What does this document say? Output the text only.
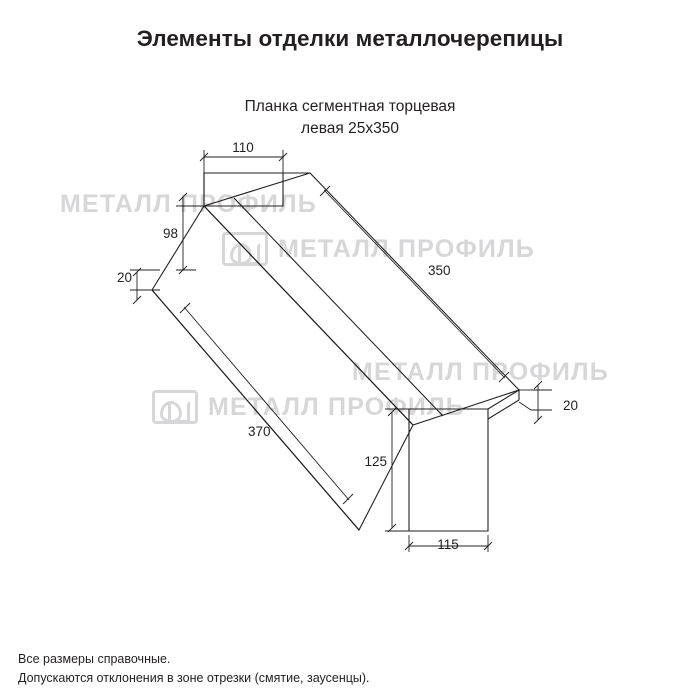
Элементы отделки металлочерепицы
Планка сегментная торцевая
левая 25х350
МЕТАЛЛ ПРОФИЛЬ
МЕТАЛЛ ПРОФИЛЬ
МЕТАЛЛ ПРОФИЛЬ
МЕТАЛЛ ПРОФИЛЬ
110
98
20	350
20
370
125
115
Все размеры справочные.
Допускаются отклонения в зоне отрезки (смятие, заусенцы).
